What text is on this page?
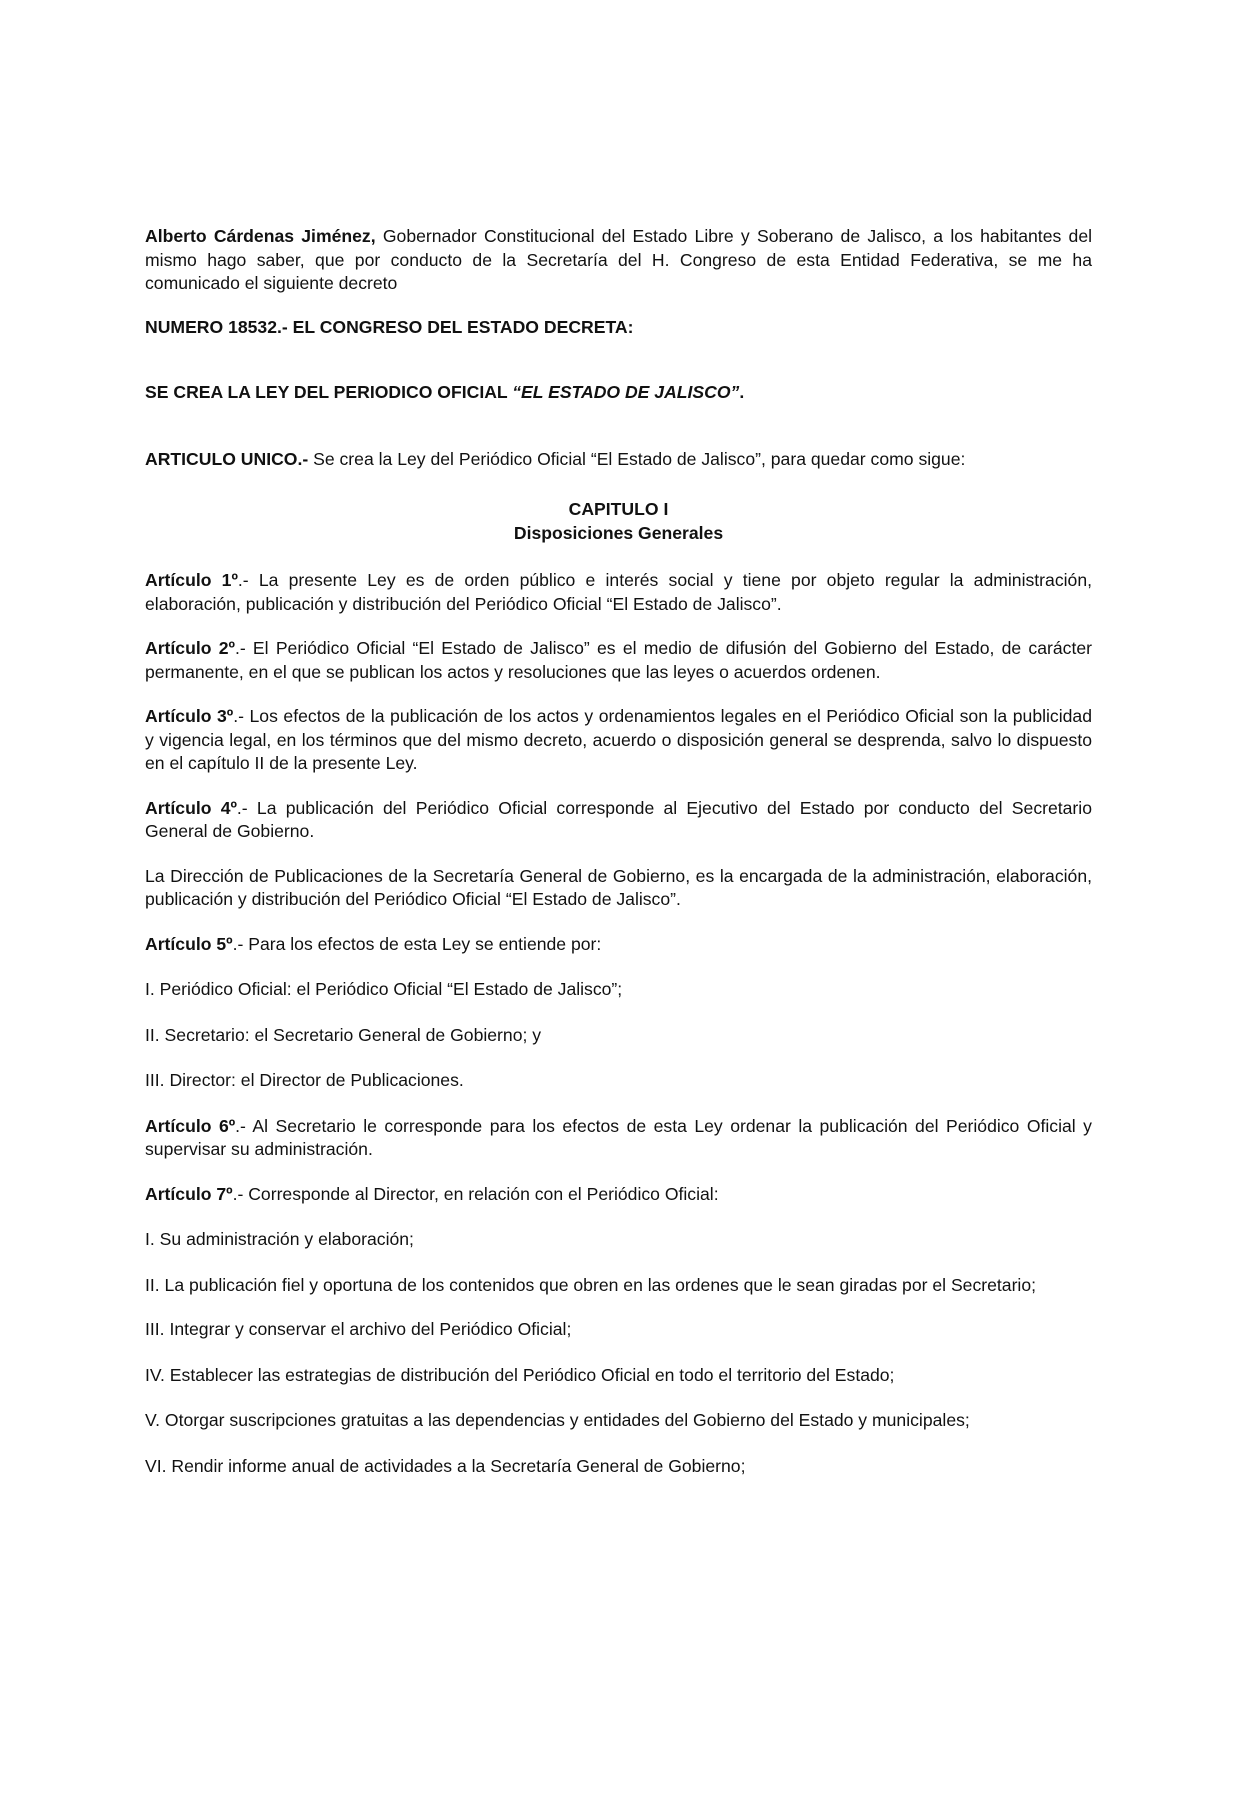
Alberto Cárdenas Jiménez, Gobernador Constitucional del Estado Libre y Soberano de Jalisco, a los habitantes del mismo hago saber, que por conducto de la Secretaría del H. Congreso de esta Entidad Federativa, se me ha comunicado el siguiente decreto

NUMERO 18532.- EL CONGRESO DEL ESTADO DECRETA:

SE CREA LA LEY DEL PERIODICO OFICIAL “EL ESTADO DE JALISCO”.

ARTICULO UNICO.- Se crea la Ley del Periódico Oficial “El Estado de Jalisco”, para quedar como sigue:

CAPITULO I

Disposiciones Generales

Artículo 1º.- La presente Ley es de orden público e interés social y tiene por objeto regular la administración, elaboración, publicación y distribución del Periódico Oficial “El Estado de Jalisco”.

Artículo 2º.- El Periódico Oficial “El Estado de Jalisco” es el medio de difusión del Gobierno del Estado, de carácter permanente, en el que se publican los actos y resoluciones que las leyes o acuerdos ordenen.

Artículo 3º.- Los efectos de la publicación de los actos y ordenamientos legales en el Periódico Oficial son la publicidad y vigencia legal, en los términos que del mismo decreto, acuerdo o disposición general se desprenda, salvo lo dispuesto en el capítulo II de la presente Ley.

Artículo 4º.- La publicación del Periódico Oficial corresponde al Ejecutivo del Estado por conducto del Secretario General de Gobierno.

La Dirección de Publicaciones de la Secretaría General de Gobierno, es la encargada de la administración, elaboración, publicación y distribución del Periódico Oficial “El Estado de Jalisco”.

Artículo 5º.- Para los efectos de esta Ley se entiende por:

I. Periódico Oficial: el Periódico Oficial “El Estado de Jalisco”;

II. Secretario: el Secretario General de Gobierno; y

III. Director: el Director de Publicaciones.

Artículo 6º.- Al Secretario le corresponde para los efectos de esta Ley ordenar la publicación del Periódico Oficial y supervisar su administración.

Artículo 7º.- Corresponde al Director, en relación con el Periódico Oficial:

I. Su administración y elaboración;

II. La publicación fiel y oportuna de los contenidos que obren en las ordenes que le sean giradas por el Secretario;

III. Integrar y conservar el archivo del Periódico Oficial;

IV. Establecer las estrategias de distribución del Periódico Oficial en todo el territorio del Estado;

V. Otorgar suscripciones gratuitas a las dependencias y entidades del Gobierno del Estado y municipales;

VI. Rendir informe anual de actividades a la Secretaría General de Gobierno;
